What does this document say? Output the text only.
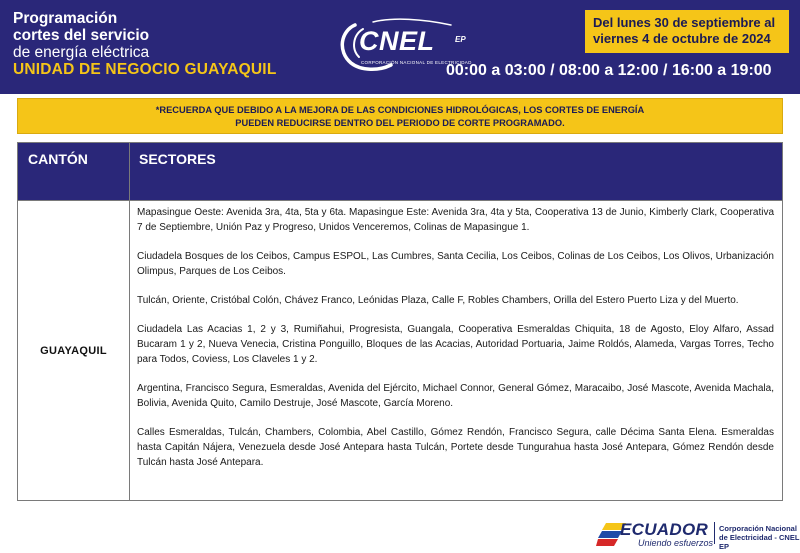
Programación
cortes del servicio
de energía eléctrica
UNIDAD DE NEGOCIO GUAYAQUIL
CNEL	EP
CORPORACIÓN NACIONAL DE ELECTRICIDAD
Del lunes 30 de septiembre al
viernes 4 de octubre de 2024
00:00 a 03:00 / 08:00 a 12:00 / 16:00 a 19:00
*RECUERDA QUE DEBIDO A LA MEJORA DE LAS CONDICIONES HIDROLÓGICAS, LOS CORTES DE ENERGÍA
PUEDEN REDUCIRSE DENTRO DEL PERIODO DE CORTE PROGRAMADO.
CANTÓN	SECTORES
GUAYAQUIL

Mapasingue Oeste: Avenida 3ra, 4ta, 5ta y 6ta. Mapasingue Este: Avenida 3ra, 4ta y 5ta, Cooperativa 13 de Junio, Kimberly Clark, Cooperativa 7 de Septiembre, Unión Paz y Progreso, Unidos Venceremos, Colinas de Mapasingue 1.

Ciudadela Bosques de los Ceibos, Campus ESPOL, Las Cumbres, Santa Cecilia, Los Ceibos, Colinas de Los Ceibos, Los Olivos, Urbanización Olimpus, Parques de Los Ceibos.

Tulcán, Oriente, Cristóbal Colón, Chávez Franco, Leónidas Plaza, Calle F, Robles Chambers, Orilla del Estero Puerto Liza y del Muerto.

Ciudadela Las Acacias 1, 2 y 3, Rumiñahui, Progresista, Guangala, Cooperativa Esmeraldas Chiquita, 18 de Agosto, Eloy Alfaro, Assad Bucaram 1 y 2, Nueva Venecia, Cristina Ponguillo, Bloques de las Acacias, Autoridad Portuaria, Jaime Roldós, Alameda, Vargas Torres, Techo para Todos, Coviess, Los Claveles 1 y 2.

Argentina, Francisco Segura, Esmeraldas, Avenida del Ejército, Michael Connor, General Gómez, Maracaibo, José Mascote, Avenida Machala, Bolivia, Avenida Quito, Camilo Destruje, José Mascote, García Moreno.

Calles Esmeraldas, Tulcán, Chambers, Colombia, Abel Castillo, Gómez Rendón, Francisco Segura, calle Décima Santa Elena. Esmeraldas hasta Capitán Nájera, Venezuela desde José Antepara hasta Tulcán, Portete desde Tungurahua hasta José Antepara, Gómez Rendón desde Tulcán hasta José Antepara.

ECUADOR
Uniendo esfuerzos
Corporación Nacional
de Electricidad - CNEL EP
